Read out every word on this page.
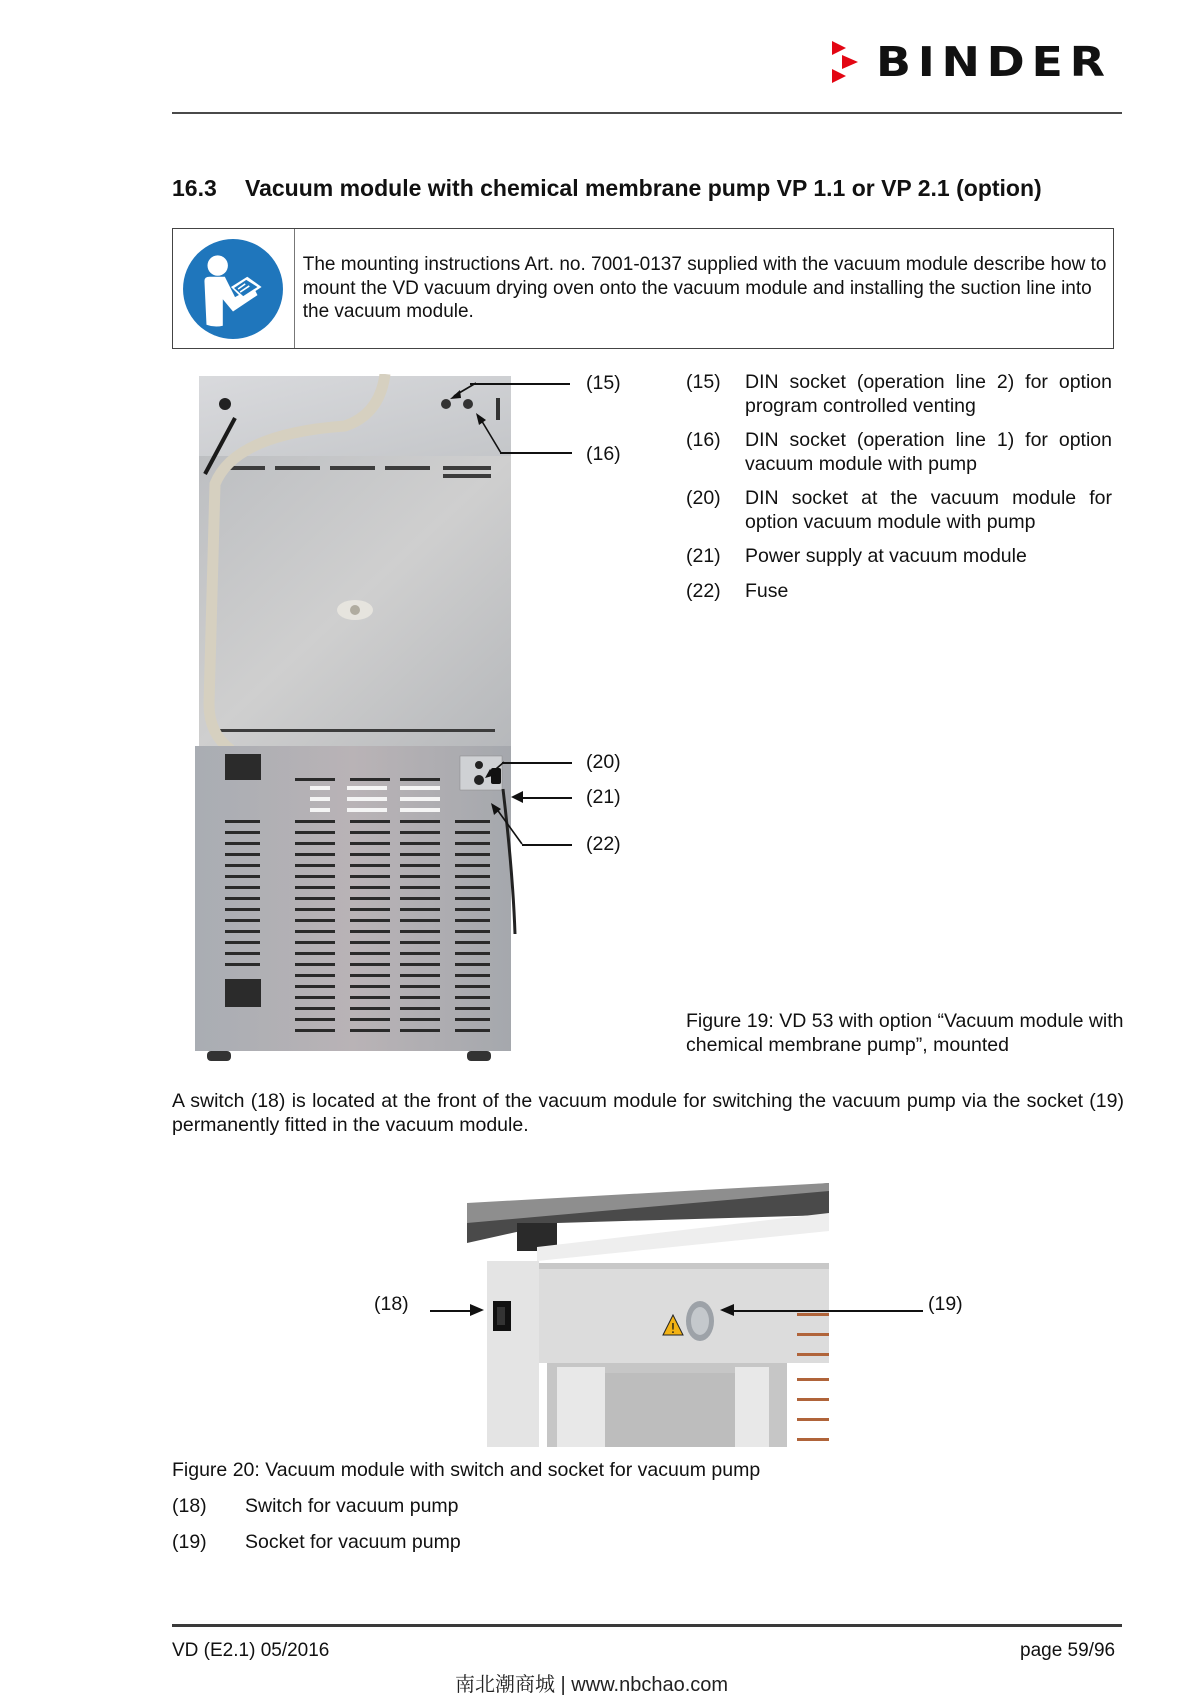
BINDER
16.3 Vacuum module with chemical membrane pump VP 1.1 or VP 2.1 (option)
The mounting instructions Art. no. 7001-0137 supplied with the vacuum module describe how to mount the VD vacuum drying oven onto the vacuum module and installing the suction line into the vacuum module.
(15)
(16)
(20)
(21)
(22)
(15)	DIN socket (operation line 2) for option program controlled venting
(16)	DIN socket (operation line 1) for option vacuum module with pump
(20)	DIN socket at the vacuum module for option vacuum module with pump
(21)	Power supply at vacuum module
(22)	Fuse
Figure 19: VD 53 with option “Vacuum module with chemical membrane pump”, mounted
A switch (18) is located at the front of the vacuum module for switching the vacuum pump via the socket (19) permanently fitted in the vacuum module.
!
(18)	(19)
Figure 20: Vacuum module with switch and socket for vacuum pump
(18)	Switch for vacuum pump
(19)	Socket for vacuum pump
VD (E2.1) 05/2016	page 59/96
南北潮商城 | www.nbchao.com
